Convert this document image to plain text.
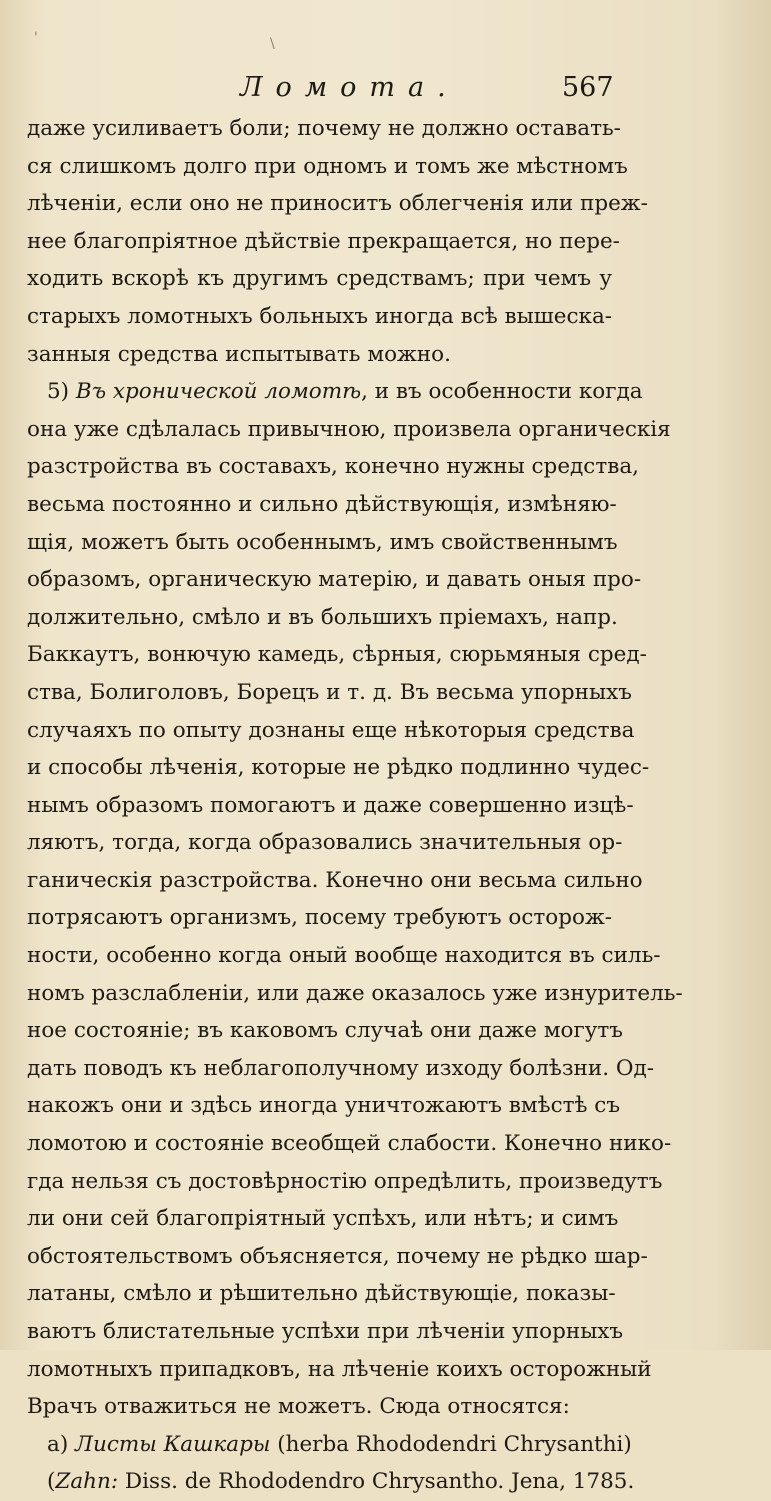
'	\
Ломота.	567
даже усиливаетъ боли; почему не должно оставать-
ся слишкомъ долго при одномъ и томъ же мѣстномъ
лѣченіи, если оно не приноситъ облегченія или преж-
нее благопріятное дѣйствіе прекращается, но пере-
ходить вскорѣ къ другимъ средствамъ; при чемъ у
старыхъ ломотныхъ больныхъ иногда всѣ вышеска-
занныя средства испытывать можно.
5) Въ хронической ломотѣ, и въ особенности когда
она уже сдѣлалась привычною, произвела органическія
разстройства въ составахъ, конечно нужны средства,
весьма постоянно и сильно дѣйствующія, измѣняю-
щія, можетъ быть особеннымъ, имъ свойственнымъ
образомъ, органическую матерію, и давать оныя про-
должительно, смѣло и въ большихъ пріемахъ, напр.
Баккаутъ, вонючую камедь, сѣрныя, сюрьмяныя сред-
ства, Болиголовъ, Борецъ и т. д. Въ весьма упорныхъ
случаяхъ по опыту дознаны еще нѣкоторыя средства
и способы лѣченія, которые не рѣдко подлинно чудес-
нымъ образомъ помогаютъ и даже совершенно изцѣ-
ляютъ, тогда, когда образовались значительныя ор-
ганическія разстройства. Конечно они весьма сильно
потрясаютъ организмъ, посему требуютъ осторож-
ности, особенно когда оный вообще находится въ силь-
номъ разслабленіи, или даже оказалось уже изнуритель-
ное состояніе; въ каковомъ случаѣ они даже могутъ
дать поводъ къ неблагополучному изходу болѣзни. Од-
накожъ они и здѣсь иногда уничтожаютъ вмѣстѣ съ
ломотою и состояніе всеобщей слабости. Конечно нико-
гда нельзя съ достовѣрностію опредѣлить, произведутъ
ли они сей благопріятный успѣхъ, или нѣтъ; и симъ
обстоятельствомъ объясняется, почему не рѣдко шар-
латаны, смѣло и рѣшительно дѣйствующіе, показы-
ваютъ блистательные успѣхи при лѣченіи упорныхъ
ломотныхъ припадковъ, на лѣченіе коихъ осторожный
Врачъ отважиться не можетъ. Сюда относятся:
a) Листы Кашкары (herba Rhododendri Chrysanthi)
(Zahn: Diss. de Rhododendro Chrysantho. Jena, 1785.
